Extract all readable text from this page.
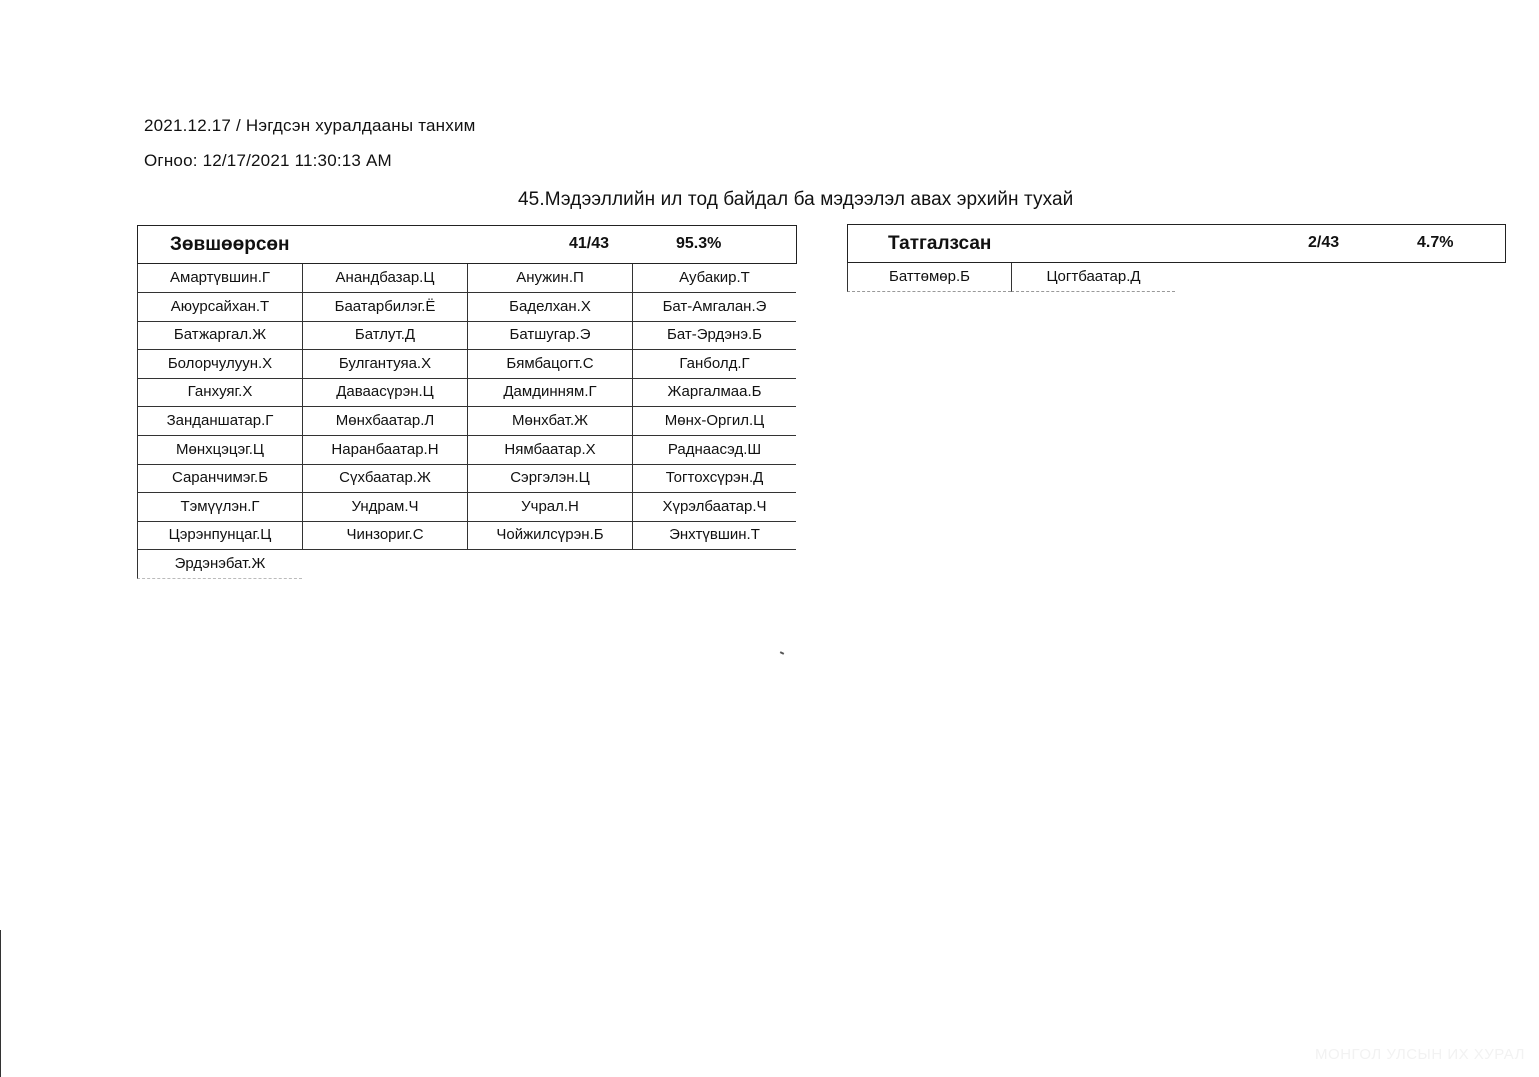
2021.12.17 / Нэгдсэн хуралдааны танхим
Огноо: 12/17/2021 11:30:13 AM
45.Мэдээллийн ил тод байдал ба мэдээлэл авах эрхийн тухай
Зөвшөөрсөн	41/43	95.3%
Амартүвшин.Г	Анандбазар.Ц	Анужин.П	Аубакир.Т
Аюурсайхан.Т	Баатарбилэг.Ё	Баделхан.Х	Бат-Амгалан.Э
Батжаргал.Ж	Батлут.Д	Батшугар.Э	Бат-Эрдэнэ.Б
Болорчулуун.Х	Булгантуяа.Х	Бямбацогт.С	Ганболд.Г
Ганхуяг.Х	Даваасүрэн.Ц	Дамдинням.Г	Жаргалмаа.Б
Занданшатар.Г	Мөнхбаатар.Л	Мөнхбат.Ж	Мөнх-Оргил.Ц
Мөнхцэцэг.Ц	Наранбаатар.Н	Нямбаатар.Х	Раднаасэд.Ш
Саранчимэг.Б	Сүхбаатар.Ж	Сэргэлэн.Ц	Тогтохсүрэн.Д
Тэмүүлэн.Г	Ундрам.Ч	Учрал.Н	Хүрэлбаатар.Ч
Цэрэнпунцаг.Ц	Чинзориг.С	Чойжилсүрэн.Б	Энхтүвшин.Т
Эрдэнэбат.Ж
Татгалзсан	2/43	4.7%
Баттөмөр.Б	Цогтбаатар.Д
МОНГОЛ УЛСЫН ИХ ХУРАЛ
